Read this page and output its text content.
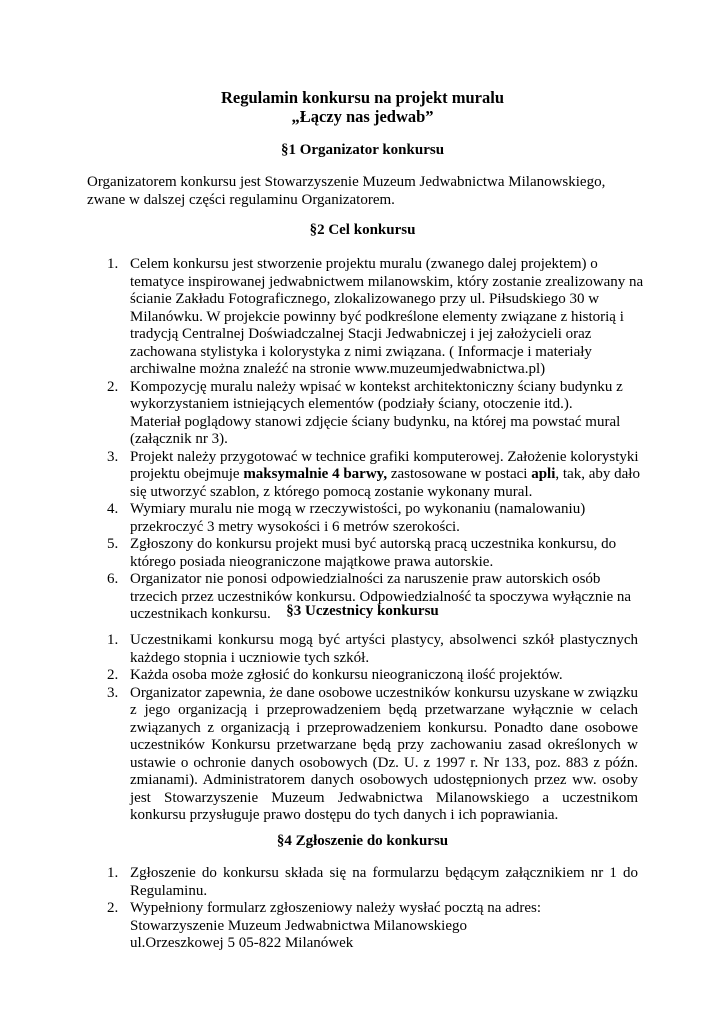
Regulamin konkursu na projekt muralu
„Łączy nas jedwab”
§1 Organizator konkursu
Organizatorem konkursu jest Stowarzyszenie Muzeum Jedwabnictwa Milanowskiego, zwane w dalszej części regulaminu Organizatorem.
§2 Cel konkursu
1. Celem konkursu jest stworzenie projektu muralu (zwanego dalej projektem) o tematyce inspirowanej jedwabnictwem milanowskim, który zostanie zrealizowany na ścianie Zakładu Fotograficznego, zlokalizowanego przy ul. Piłsudskiego 30 w Milanówku. W projekcie powinny być podkreślone elementy związane z historią i tradycją Centralnej Doświadczalnej Stacji Jedwabniczej i jej założycieli oraz zachowana stylistyka i kolorystyka z nimi związana. ( Informacje i materiały archiwalne można znaleźć na stronie www.muzeumjedwabnictwa.pl)
2. Kompozycję muralu należy wpisać w kontekst architektoniczny ściany budynku z wykorzystaniem istniejących elementów (podziały ściany, otoczenie itd.).
Materiał poglądowy stanowi zdjęcie ściany budynku, na której ma powstać mural (załącznik nr 3).
3. Projekt należy przygotować w technice grafiki komputerowej. Założenie kolorystyki projektu obejmuje maksymalnie 4 barwy, zastosowane w postaci apli, tak, aby dało się utworzyć szablon, z którego pomocą zostanie wykonany mural.
4. Wymiary muralu nie mogą w rzeczywistości, po wykonaniu (namalowaniu) przekroczyć 3 metry wysokości i 6 metrów szerokości.
5. Zgłoszony do konkursu projekt musi być autorską pracą uczestnika konkursu, do którego posiada nieograniczone majątkowe prawa autorskie.
6. Organizator nie ponosi odpowiedzialności za naruszenie praw autorskich osób trzecich przez uczestników konkursu. Odpowiedzialność ta spoczywa wyłącznie na uczestnikach konkursu.	§3 Uczestnicy konkursu
1. Uczestnikami konkursu mogą być artyści plastycy, absolwenci szkół plastycznych każdego stopnia i uczniowie tych szkół.
2. Każda osoba może zgłosić do konkursu nieograniczoną ilość projektów.
3. Organizator zapewnia, że dane osobowe uczestników konkursu uzyskane w związku z jego organizacją i przeprowadzeniem będą przetwarzane wyłącznie w celach związanych z organizacją i przeprowadzeniem konkursu. Ponadto dane osobowe uczestników Konkursu przetwarzane będą przy zachowaniu zasad określonych w ustawie o ochronie danych osobowych (Dz. U. z 1997 r. Nr 133, poz. 883 z późn. zmianami). Administratorem danych osobowych udostępnionych przez ww. osoby jest Stowarzyszenie Muzeum Jedwabnictwa Milanowskiego a uczestnikom konkursu przysługuje prawo dostępu do tych danych i ich poprawiania.
§4 Zgłoszenie do konkursu
1. Zgłoszenie do konkursu składa się na formularzu będącym załącznikiem nr 1 do Regulaminu.
2. Wypełniony formularz zgłoszeniowy należy wysłać pocztą na adres:
Stowarzyszenie Muzeum Jedwabnictwa Milanowskiego
ul.Orzeszkowej 5 05-822 Milanówek
